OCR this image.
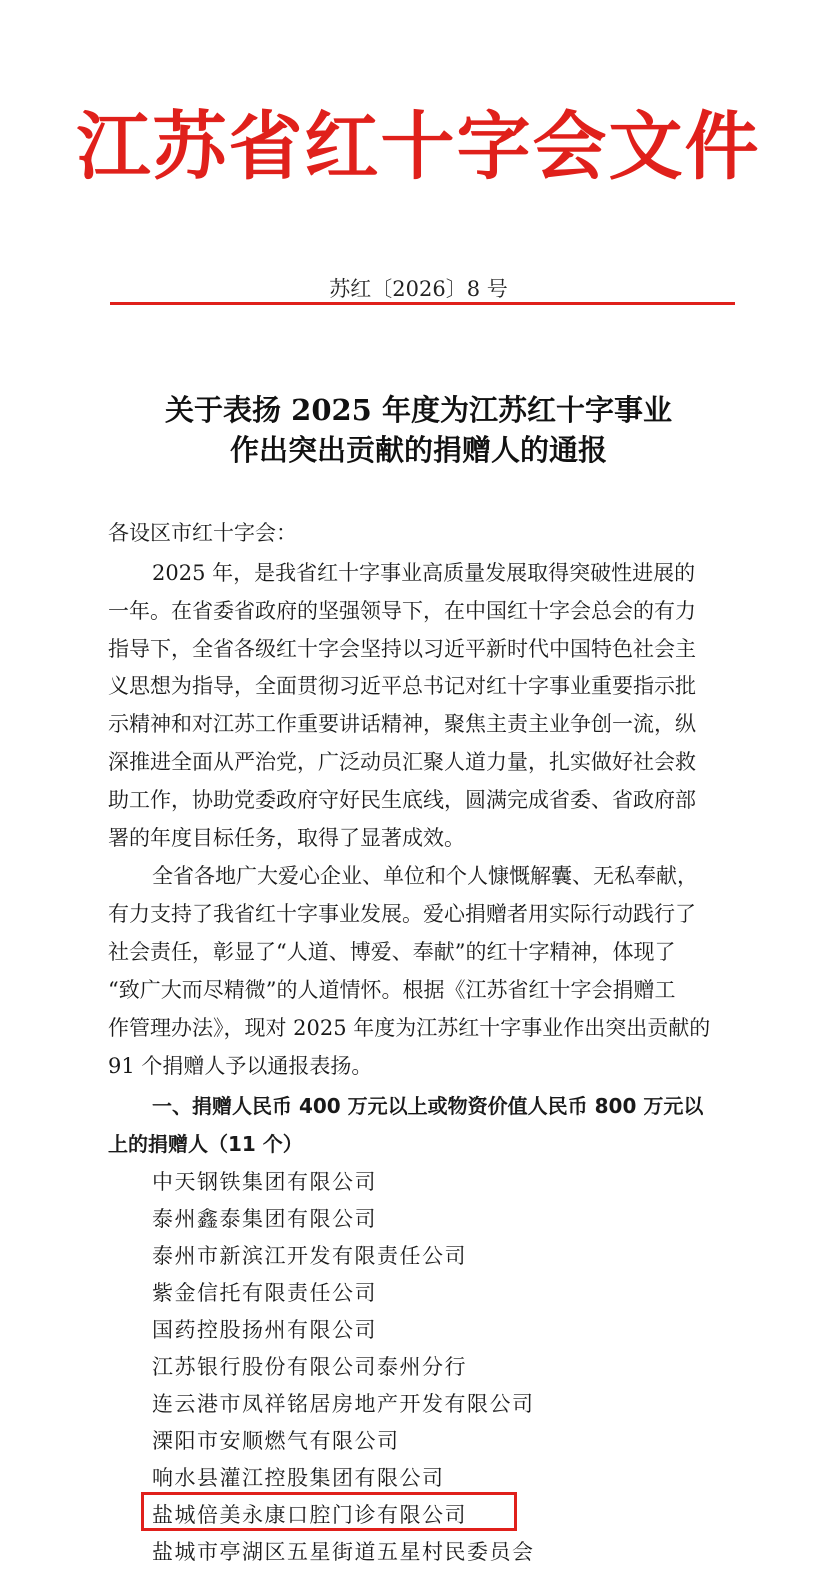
江苏省红十字会文件
苏红〔2026〕8 号
关于表扬 2025 年度为江苏红十字事业
作出突出贡献的捐赠人的通报
各设区市红十字会：
2025 年，是我省红十字事业高质量发展取得突破性进展的
一年。在省委省政府的坚强领导下，在中国红十字会总会的有力
指导下，全省各级红十字会坚持以习近平新时代中国特色社会主
义思想为指导，全面贯彻习近平总书记对红十字事业重要指示批
示精神和对江苏工作重要讲话精神，聚焦主责主业争创一流，纵
深推进全面从严治党，广泛动员汇聚人道力量，扎实做好社会救
助工作，协助党委政府守好民生底线，圆满完成省委、省政府部
署的年度目标任务，取得了显著成效。
全省各地广大爱心企业、单位和个人慷慨解囊、无私奉献，
有力支持了我省红十字事业发展。爱心捐赠者用实际行动践行了
社会责任，彰显了“人道、博爱、奉献”的红十字精神，体现了
“致广大而尽精微”的人道情怀。根据《江苏省红十字会捐赠工
作管理办法》，现对 2025 年度为江苏红十字事业作出突出贡献的
91 个捐赠人予以通报表扬。
一、捐赠人民币 400 万元以上或物资价值人民币 800 万元以
上的捐赠人（11 个）
中天钢铁集团有限公司
泰州鑫泰集团有限公司
泰州市新滨江开发有限责任公司
紫金信托有限责任公司
国药控股扬州有限公司
江苏银行股份有限公司泰州分行
连云港市凤祥铭居房地产开发有限公司
溧阳市安顺燃气有限公司
响水县灌江控股集团有限公司
盐城倍美永康口腔门诊有限公司
盐城市亭湖区五星街道五星村民委员会
